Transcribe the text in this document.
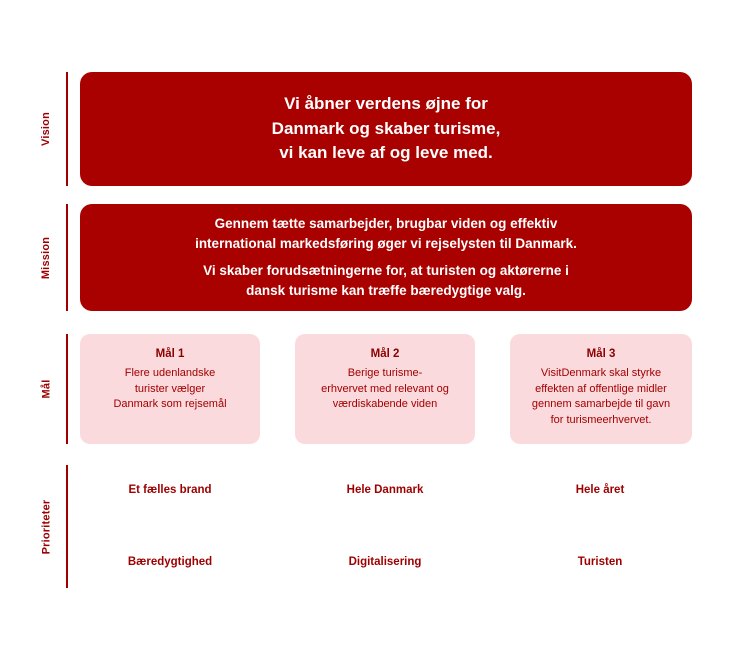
Vision
Vi åbner verdens øjne for
Danmark og skaber turisme,
vi kan leve af og leve med.
Mission
Gennem tætte samarbejder, brugbar viden og effektiv
international markedsføring øger vi rejselysten til Danmark.
Vi skaber forudsætningerne for, at turisten og aktørerne i
dansk turisme kan træffe bæredygtige valg.
Mål
Mål 1
Flere udenlandske
turister vælger
Danmark som rejsemål
Mål 2
Berige turisme-
erhvervet med relevant og
værdiskabende viden
Mål 3
VisitDenmark skal styrke
effekten af offentlige midler
gennem samarbejde til gavn
for turismeerhvervet.
Prioriteter
Et fælles brand	Hele Danmark	Hele året
Bæredygtighed	Digitalisering	Turisten
